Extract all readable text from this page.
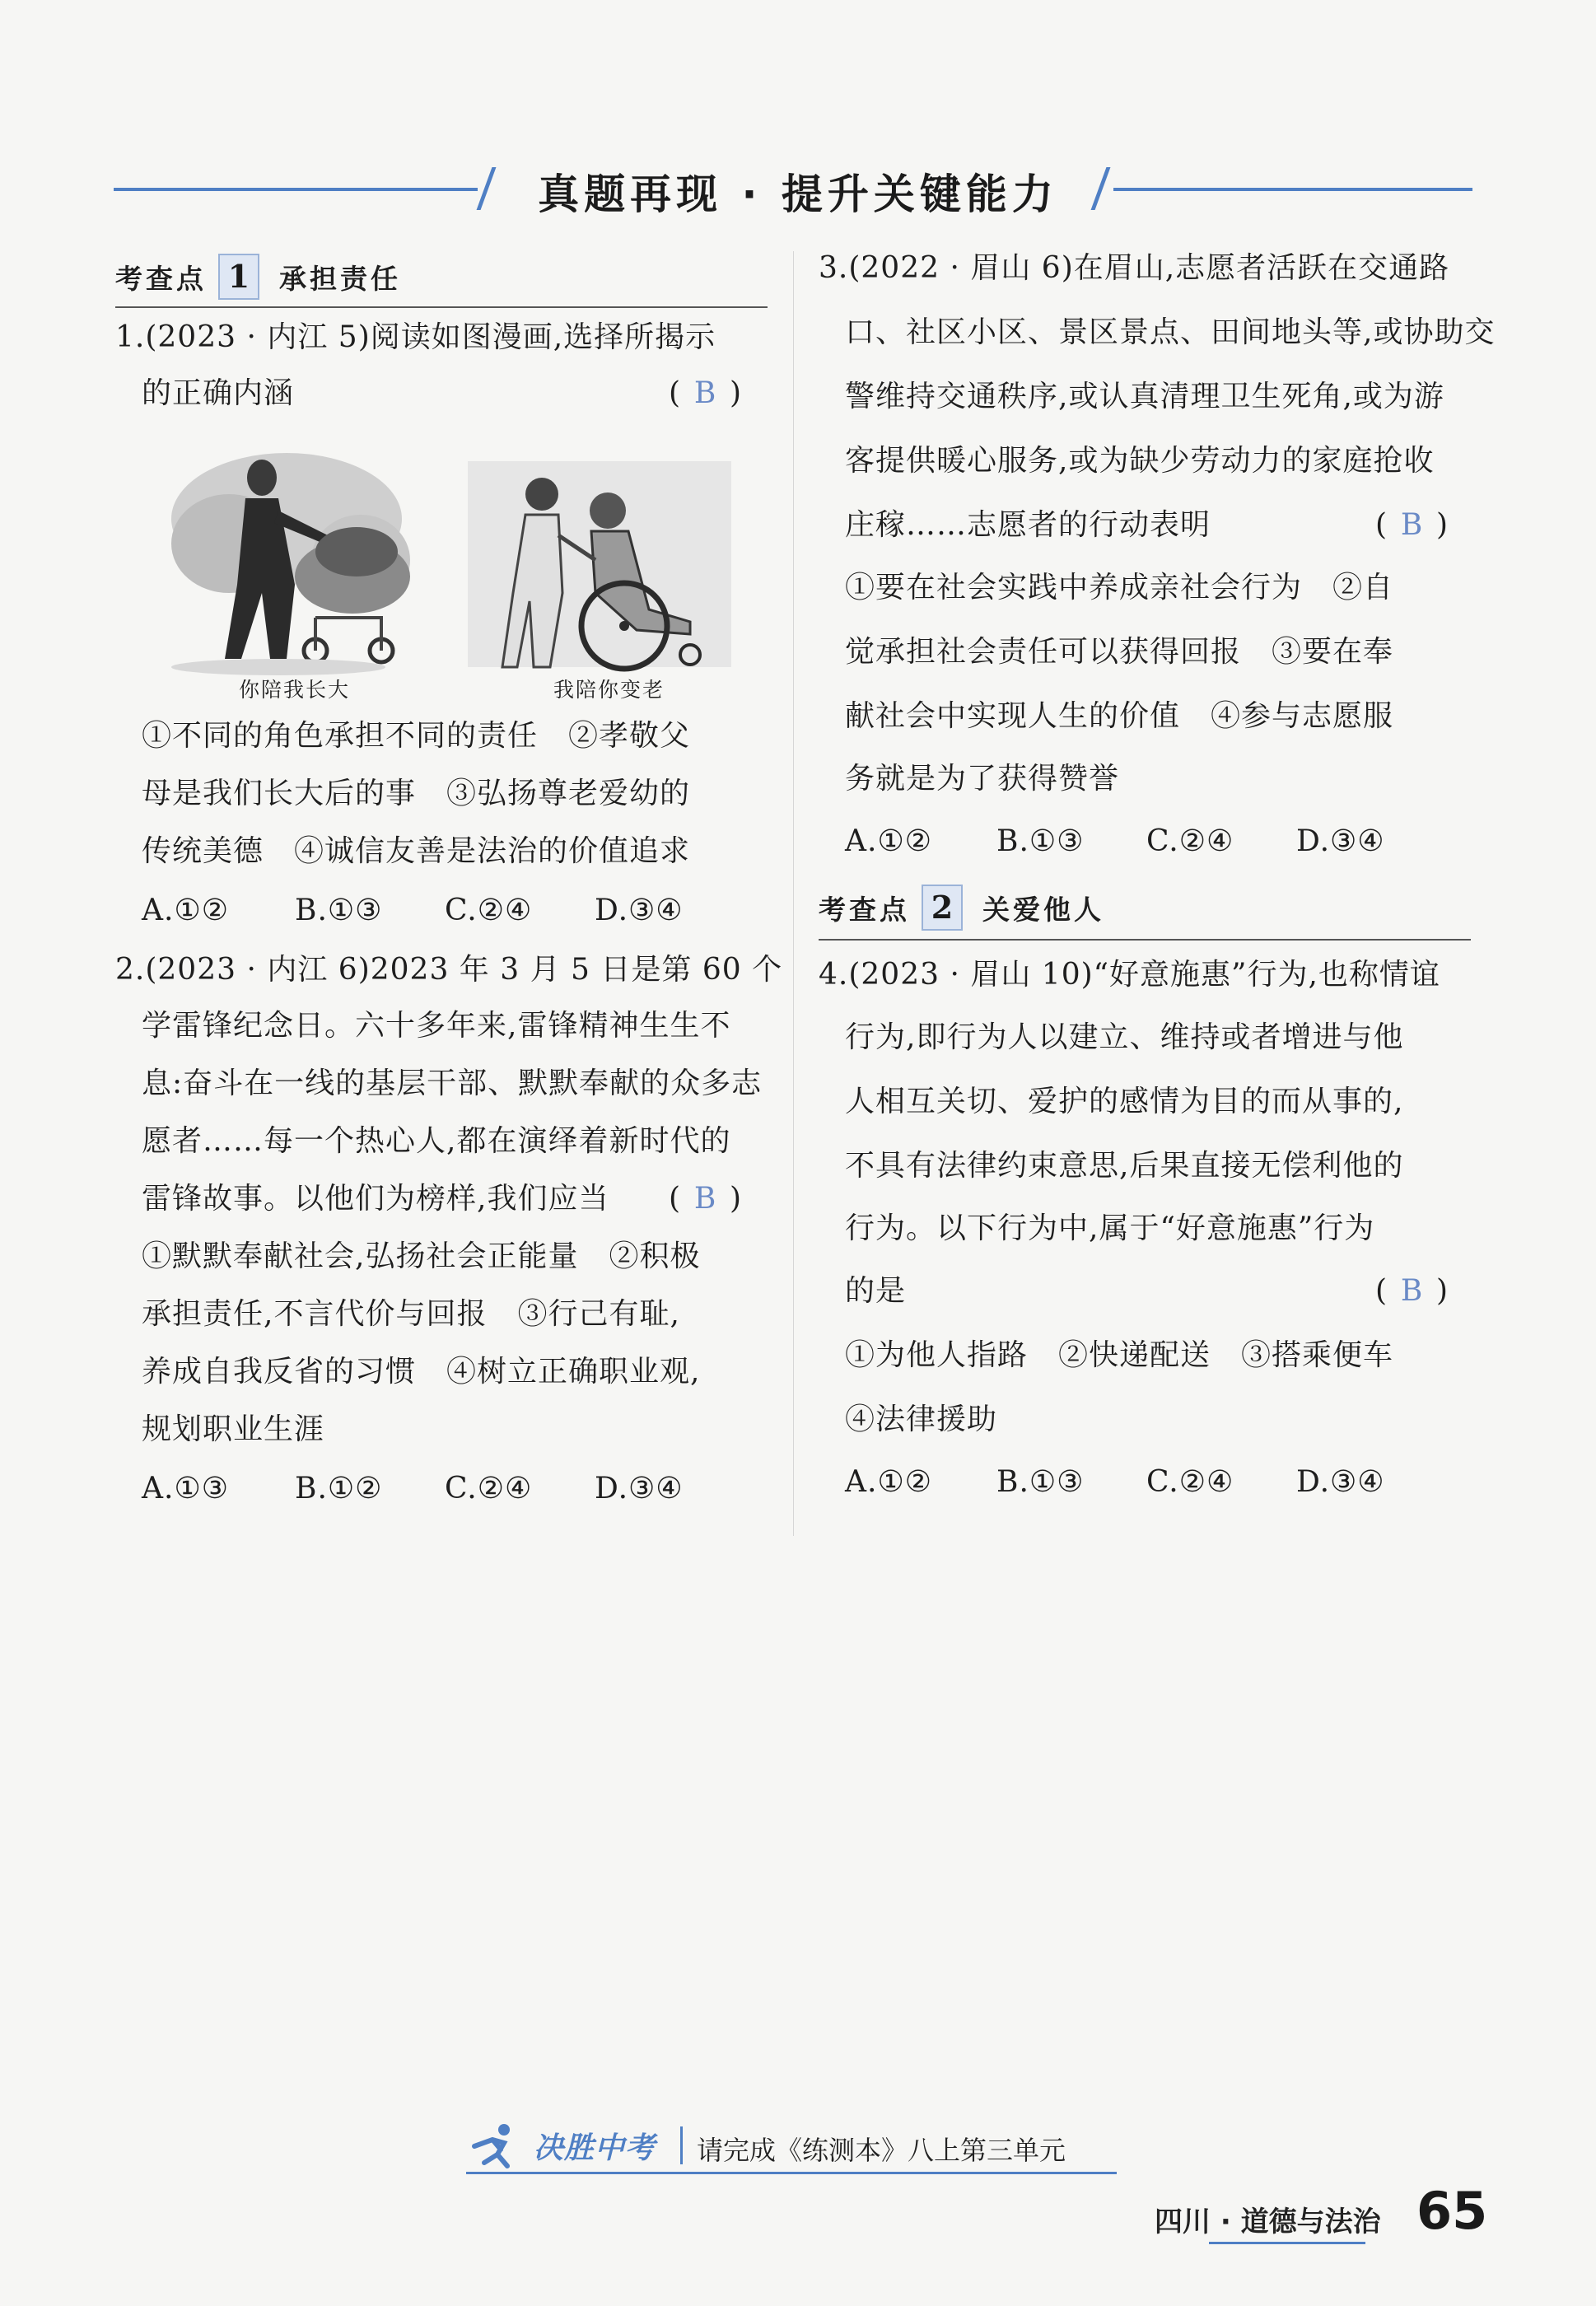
真题再现 · 提升关键能力
考查点 1	承担责任
1.(2023 · 内江 5)阅读如图漫画,选择所揭示
的正确内涵	( B )
你陪我长大	我陪你变老
①不同的角色承担不同的责任　②孝敬父
母是我们长大后的事　③弘扬尊老爱幼的
传统美德　④诚信友善是法治的价值追求
A.①② B.①③ C.②④ D.③④
2.(2023 · 内江 6)2023 年 3 月 5 日是第 60 个
学雷锋纪念日。六十多年来,雷锋精神生生不
息:奋斗在一线的基层干部、默默奉献的众多志
愿者……每一个热心人,都在演绎着新时代的
雷锋故事。以他们为榜样,我们应当 ( B )
①默默奉献社会,弘扬社会正能量　②积极
承担责任,不言代价与回报　③行己有耻,
养成自我反省的习惯　④树立正确职业观,
规划职业生涯
A.①③ B.①② C.②④ D.③④
3.(2022 · 眉山 6)在眉山,志愿者活跃在交通路
口、社区小区、景区景点、田间地头等,或协助交
警维持交通秩序,或认真清理卫生死角,或为游
客提供暖心服务,或为缺少劳动力的家庭抢收
庄稼……志愿者的行动表明	( B )
①要在社会实践中养成亲社会行为　②自
觉承担社会责任可以获得回报　③要在奉
献社会中实现人生的价值　④参与志愿服
务就是为了获得赞誉
A.①② B.①③ C.②④ D.③④
考查点 2	关爱他人
4.(2023 · 眉山 10)“好意施惠”行为,也称情谊
行为,即行为人以建立、维持或者增进与他
人相互关切、爱护的感情为目的而从事的,
不具有法律约束意思,后果直接无偿利他的
行为。以下行为中,属于“好意施惠”行为
的是	( B )
①为他人指路　②快递配送　③搭乘便车
④法律援助
A.①② B.①③ C.②④ D.③④
决胜中考 请完成《练测本》八上第三单元
四川 · 道德与法治 65
